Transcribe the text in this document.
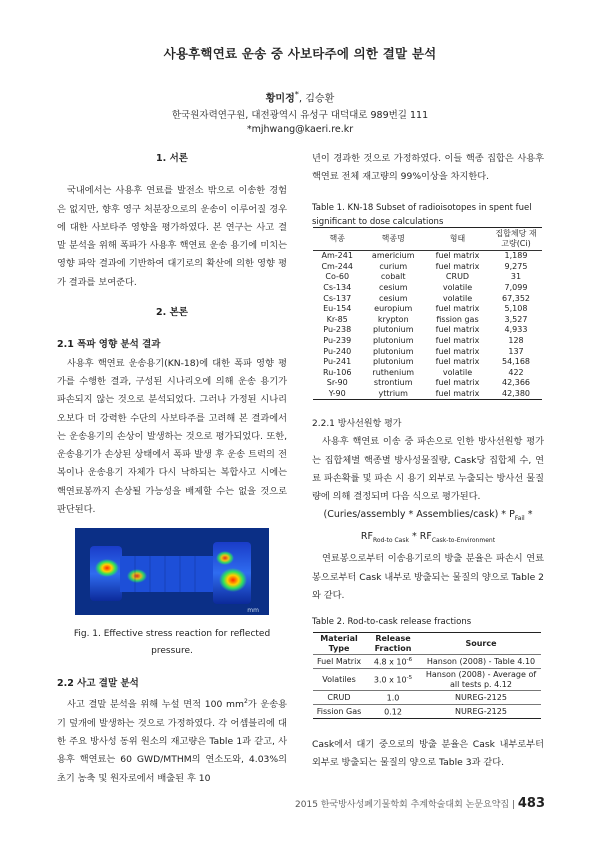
사용후핵연료 운송 중 사보타주에 의한 결말 분석
황미정*, 김승환
한국원자력연구원, 대전광역시 유성구 대덕대로 989번길 111
*mjhwang@kaeri.re.kr
1. 서론
국내에서는 사용후 연료를 발전소 밖으로 이송한 경험은 없지만, 향후 영구 처분장으로의 운송이 이루어질 경우에 대한 사보타주 영향을 평가하였다. 본 연구는 사고 결말 분석을 위해 폭파가 사용후 핵연료 운송 용기에 미치는 영향 파악 결과에 기반하여 대기로의 확산에 의한 영향 평가 결과를 보여준다.
2. 본론
2.1 폭파 영향 분석 결과
사용후 핵연료 운송용기(KN-18)에 대한 폭파 영향 평가를 수행한 결과, 구성된 시나리오에 의해 운송 용기가 파손되지 않는 것으로 분석되었다. 그러나 가정된 시나리오보다 더 강력한 수단의 사보타주를 고려해 본 결과에서는 운송용기의 손상이 발생하는 것으로 평가되었다. 또한, 운송용기가 손상된 상태에서 폭파 발생 후 운송 트럭의 전복이나 운송용기 자체가 다시 낙하되는 복합사고 시에는 핵연료봉까지 손상될 가능성을 배제할 수는 없을 것으로 판단된다.
mm
Fig. 1. Effective stress reaction for reflected pressure.
2.2 사고 결말 분석
사고 결말 분석을 위해 누설 면적 100 $mm^2$가 운송용기 덮개에 발생하는 것으로 가정하였다. 각 어셈블리에 대한 주요 방사성 동위 원소의 재고량은 Table 1과 같고, 사용후 핵연료는 60 GWD/MTHM의 연소도와, 4.03%의 초기 농축 및 원자로에서 배출된 후 10
년이 경과한 것으로 가정하였다. 이들 핵종 집합은 사용후 핵연료 전체 재고량의 99%이상을 차지한다.
Table 1. KN-18 Subset of radioisotopes in spent fuel significant to dose calculations
핵종	핵종명	형태	집합체당 재고량(Ci)
Am-241	americium	fuel matrix	1,189
Cm-244	curium	fuel matrix	9,275
Co-60	cobalt	CRUD	31
Cs-134	cesium	volatile	7,099
Cs-137	cesium	volatile	67,352
Eu-154	europium	fuel matrix	5,108
Kr-85	krypton	fission gas	3,527
Pu-238	plutonium	fuel matrix	4,933
Pu-239	plutonium	fuel matrix	128
Pu-240	plutonium	fuel matrix	137
Pu-241	plutonium	fuel matrix	54,168
Ru-106	ruthenium	volatile	422
Sr-90	strontium	fuel matrix	42,366
Y-90	yttrium	fuel matrix	42,380
2.2.1 방사선원항 평가
사용후 핵연료 이송 중 파손으로 인한 방사선원항 평가는 집합체별 핵종별 방사성물질량, Cask당 집합체 수, 연료 파손확률 및 파손 시 용기 외부로 누출되는 방사선 물질량에 의해 결정되며 다음 식으로 평가된다.
(Curies/assembly * Assemblies/cask) * $P_{Fail}$ *
$RF_{Rod-to Cask} * RF_{Cask-to-Environment}$
연료봉으로부터 이송용기로의 방출 분율은 파손시 연료봉으로부터 Cask 내부로 방출되는 물질의 양으로 Table 2와 같다.
Table 2. Rod-to-cask release fractions
Material Type	Release Fraction	Source
Fuel Matrix	4.8 x $10^{-6}$	Hanson (2008) - Table 4.10
Volatiles	3.0 x $10^{-5}$	Hanson (2008) - Average of all tests p. 4.12
CRUD	1.0	NUREG-2125
Fission Gas	0.12	NUREG-2125
Cask에서 대기 중으로의 방출 분율은 Cask 내부로부터 외부로 방출되는 물질의 양으로 Table 3과 같다.
2015 한국방사성폐기물학회 추계학술대회 논문요약집 | 483
